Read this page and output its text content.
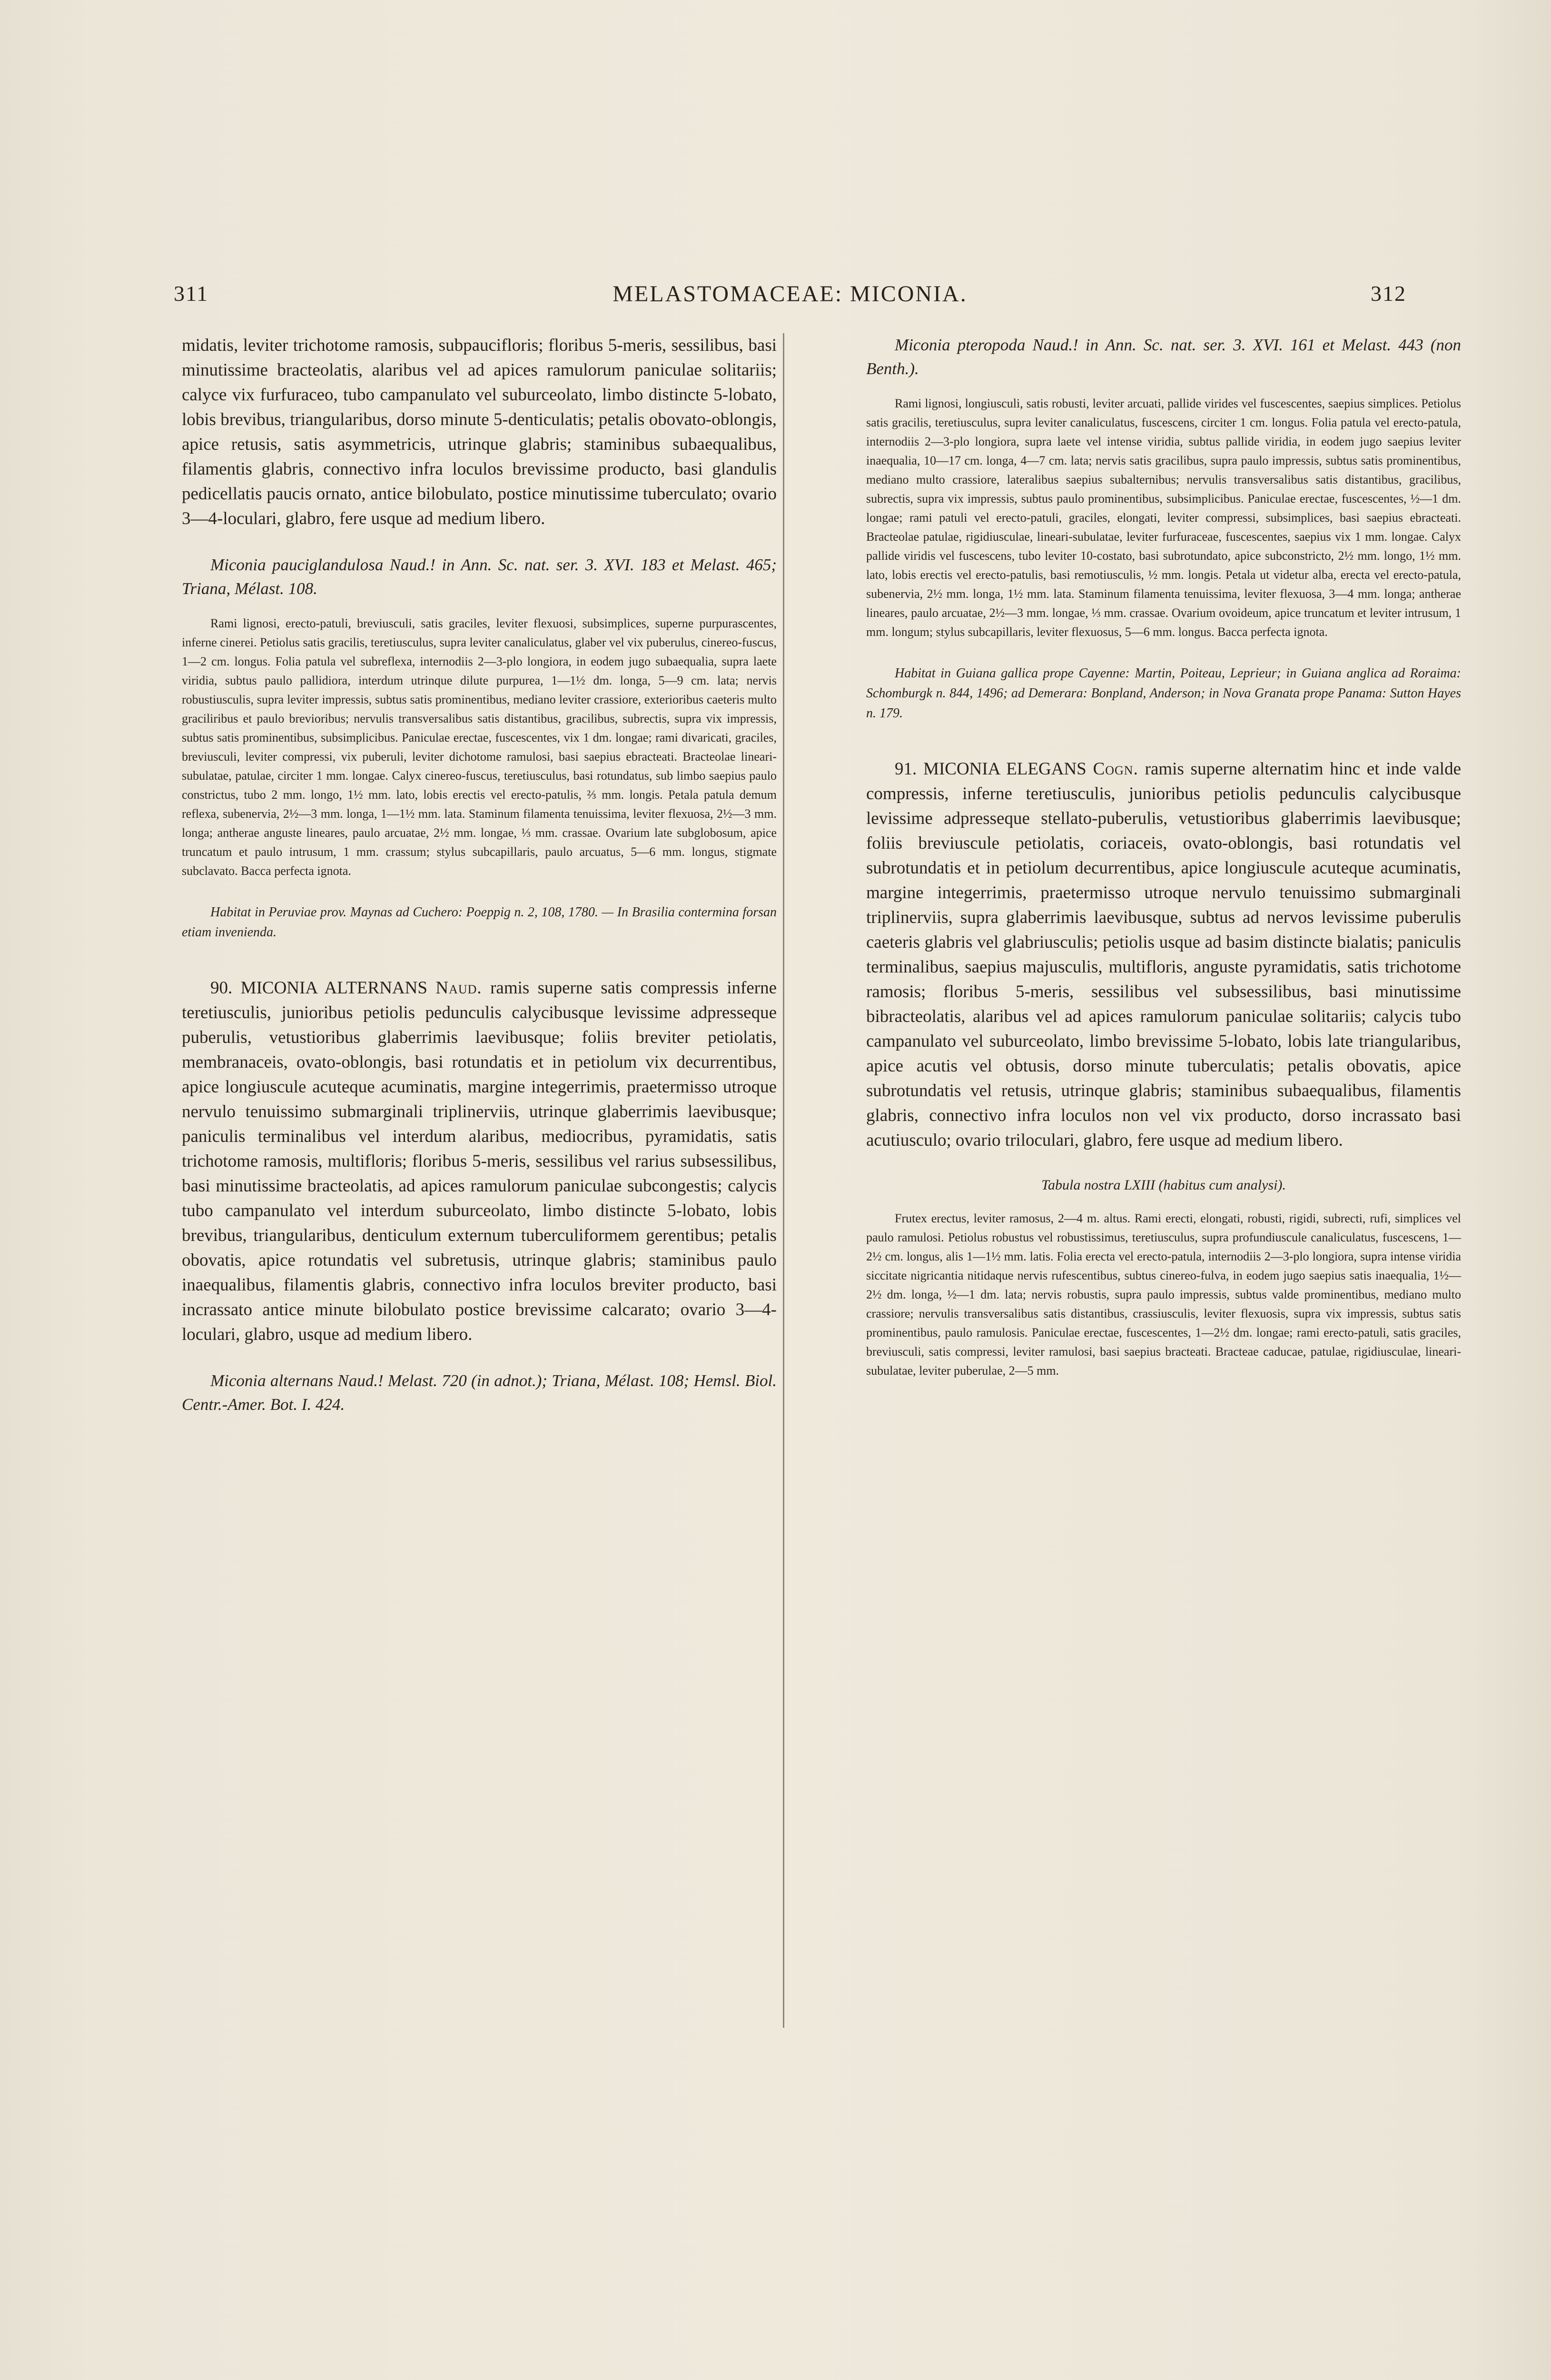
311	MELASTOMACEAE: MICONIA.	312

midatis, leviter trichotome ramosis, subpaucifloris; floribus 5-meris, sessilibus, basi minutissime bracteolatis, alaribus vel ad apices ramulorum paniculae solitariis; calyce vix furfuraceo, tubo campanulato vel suburceolato, limbo distincte 5-lobato, lobis brevibus, triangularibus, dorso minute 5-denticulatis; petalis obovato-oblongis, apice retusis, satis asymmetricis, utrinque glabris; staminibus subaequalibus, filamentis glabris, connectivo infra loculos brevissime producto, basi glandulis pedicellatis paucis ornato, antice bilobulato, postice minutissime tuberculato; ovario 3—4-loculari, glabro, fere usque ad medium libero.

Miconia pauciglandulosa Naud.! in Ann. Sc. nat. ser. 3. XVI. 183 et Melast. 465; Triana, Mélast. 108.

Rami lignosi, erecto-patuli, breviusculi, satis graciles, leviter flexuosi, subsimplices, superne purpurascentes, inferne cinerei. Petiolus satis gracilis, teretiusculus, supra leviter canaliculatus, glaber vel vix puberulus, cinereo-fuscus, 1—2 cm. longus. Folia patula vel subreflexa, internodiis 2—3-plo longiora, in eodem jugo subaequalia, supra laete viridia, subtus paulo pallidiora, interdum utrinque dilute purpurea, 1—1½ dm. longa, 5—9 cm. lata; nervis robustiusculis, supra leviter impressis, subtus satis prominentibus, mediano leviter crassiore, exterioribus caeteris multo graciliribus et paulo brevioribus; nervulis transversalibus satis distantibus, gracilibus, subrectis, supra vix impressis, subtus satis prominentibus, subsimplicibus. Paniculae erectae, fuscescentes, vix 1 dm. longae; rami divaricati, graciles, breviusculi, leviter compressi, vix puberuli, leviter dichotome ramulosi, basi saepius ebracteati. Bracteolae lineari-subulatae, patulae, circiter 1 mm. longae. Calyx cinereo-fuscus, teretiusculus, basi rotundatus, sub limbo saepius paulo constrictus, tubo 2 mm. longo, 1½ mm. lato, lobis erectis vel erecto-patulis, ⅔ mm. longis. Petala patula demum reflexa, subenervia, 2½—3 mm. longa, 1—1½ mm. lata. Staminum filamenta tenuissima, leviter flexuosa, 2½—3 mm. longa; antherae anguste lineares, paulo arcuatae, 2½ mm. longae, ⅓ mm. crassae. Ovarium late subglobosum, apice truncatum et paulo intrusum, 1 mm. crassum; stylus subcapillaris, paulo arcuatus, 5—6 mm. longus, stigmate subclavato. Bacca perfecta ignota.

Habitat in Peruviae prov. Maynas ad Cuchero: Poeppig n. 2, 108, 1780. — In Brasilia contermina forsan etiam invenienda.

90. MICONIA ALTERNANS Naud. ramis superne satis compressis inferne teretiusculis, junioribus petiolis pedunculis calycibusque levissime adpresseque puberulis, vetustioribus glaberrimis laevibusque; foliis breviter petiolatis, membranaceis, ovato-oblongis, basi rotundatis et in petiolum vix decurrentibus, apice longiuscule acuteque acuminatis, margine integerrimis, praetermisso utroque nervulo tenuissimo submarginali triplinerviis, utrinque glaberrimis laevibusque; paniculis terminalibus vel interdum alaribus, mediocribus, pyramidatis, satis trichotome ramosis, multifloris; floribus 5-meris, sessilibus vel rarius subsessilibus, basi minutissime bracteolatis, ad apices ramulorum paniculae subcongestis; calycis tubo campanulato vel interdum suburceolato, limbo distincte 5-lobato, lobis brevibus, triangularibus, denticulum externum tuberculiformem gerentibus; petalis obovatis, apice rotundatis vel subretusis, utrinque glabris; staminibus paulo inaequalibus, filamentis glabris, connectivo infra loculos breviter producto, basi incrassato antice minute bilobulato postice brevissime calcarato; ovario 3—4-loculari, glabro, usque ad medium libero.

Miconia alternans Naud.! Melast. 720 (in adnot.); Triana, Mélast. 108; Hemsl. Biol. Centr.-Amer. Bot. I. 424.

Miconia pteropoda Naud.! in Ann. Sc. nat. ser. 3. XVI. 161 et Melast. 443 (non Benth.).

Rami lignosi, longiusculi, satis robusti, leviter arcuati, pallide virides vel fuscescentes, saepius simplices. Petiolus satis gracilis, teretiusculus, supra leviter canaliculatus, fuscescens, circiter 1 cm. longus. Folia patula vel erecto-patula, internodiis 2—3-plo longiora, supra laete vel intense viridia, subtus pallide viridia, in eodem jugo saepius leviter inaequalia, 10—17 cm. longa, 4—7 cm. lata; nervis satis gracilibus, supra paulo impressis, subtus satis prominentibus, mediano multo crassiore, lateralibus saepius subalternibus; nervulis transversalibus satis distantibus, gracilibus, subrectis, supra vix impressis, subtus paulo prominentibus, subsimplicibus. Paniculae erectae, fuscescentes, ½—1 dm. longae; rami patuli vel erecto-patuli, graciles, elongati, leviter compressi, subsimplices, basi saepius ebracteati. Bracteolae patulae, rigidiusculae, lineari-subulatae, leviter furfuraceae, fuscescentes, saepius vix 1 mm. longae. Calyx pallide viridis vel fuscescens, tubo leviter 10-costato, basi subrotundato, apice subconstricto, 2½ mm. longo, 1½ mm. lato, lobis erectis vel erecto-patulis, basi remotiusculis, ½ mm. longis. Petala ut videtur alba, erecta vel erecto-patula, subenervia, 2½ mm. longa, 1½ mm. lata. Staminum filamenta tenuissima, leviter flexuosa, 3—4 mm. longa; antherae lineares, paulo arcuatae, 2½—3 mm. longae, ⅓ mm. crassae. Ovarium ovoideum, apice truncatum et leviter intrusum, 1 mm. longum; stylus subcapillaris, leviter flexuosus, 5—6 mm. longus. Bacca perfecta ignota.

Habitat in Guiana gallica prope Cayenne: Martin, Poiteau, Leprieur; in Guiana anglica ad Roraima: Schomburgk n. 844, 1496; ad Demerara: Bonpland, Anderson; in Nova Granata prope Panama: Sutton Hayes n. 179.

91. MICONIA ELEGANS Cogn. ramis superne alternatim hinc et inde valde compressis, inferne teretiusculis, junioribus petiolis pedunculis calycibusque levissime adpresseque stellato-puberulis, vetustioribus glaberrimis laevibusque; foliis breviuscule petiolatis, coriaceis, ovato-oblongis, basi rotundatis vel subrotundatis et in petiolum decurrentibus, apice longiuscule acuteque acuminatis, margine integerrimis, praetermisso utroque nervulo tenuissimo submarginali triplinerviis, supra glaberrimis laevibusque, subtus ad nervos levissime puberulis caeteris glabris vel glabriusculis; petiolis usque ad basim distincte bialatis; paniculis terminalibus, saepius majusculis, multifloris, anguste pyramidatis, satis trichotome ramosis; floribus 5-meris, sessilibus vel subsessilibus, basi minutissime bibracteolatis, alaribus vel ad apices ramulorum paniculae solitariis; calycis tubo campanulato vel suburceolato, limbo brevissime 5-lobato, lobis late triangularibus, apice acutis vel obtusis, dorso minute tuberculatis; petalis obovatis, apice subrotundatis vel retusis, utrinque glabris; staminibus subaequalibus, filamentis glabris, connectivo infra loculos non vel vix producto, dorso incrassato basi acutiusculo; ovario triloculari, glabro, fere usque ad medium libero.

Tabula nostra LXIII (habitus cum analysi).

Frutex erectus, leviter ramosus, 2—4 m. altus. Rami erecti, elongati, robusti, rigidi, subrecti, rufi, simplices vel paulo ramulosi. Petiolus robustus vel robustissimus, teretiusculus, supra profundiuscule canaliculatus, fuscescens, 1—2½ cm. longus, alis 1—1½ mm. latis. Folia erecta vel erecto-patula, internodiis 2—3-plo longiora, supra intense viridia siccitate nigricantia nitidaque nervis rufescentibus, subtus cinereo-fulva, in eodem jugo saepius satis inaequalia, 1½—2½ dm. longa, ½—1 dm. lata; nervis robustis, supra paulo impressis, subtus valde prominentibus, mediano multo crassiore; nervulis transversalibus satis distantibus, crassiusculis, leviter flexuosis, supra vix impressis, subtus satis prominentibus, paulo ramulosis. Paniculae erectae, fuscescentes, 1—2½ dm. longae; rami erecto-patuli, satis graciles, breviusculi, satis compressi, leviter ramulosi, basi saepius bracteati. Bracteae caducae, patulae, rigidiusculae, lineari-subulatae, leviter puberulae, 2—5 mm.
